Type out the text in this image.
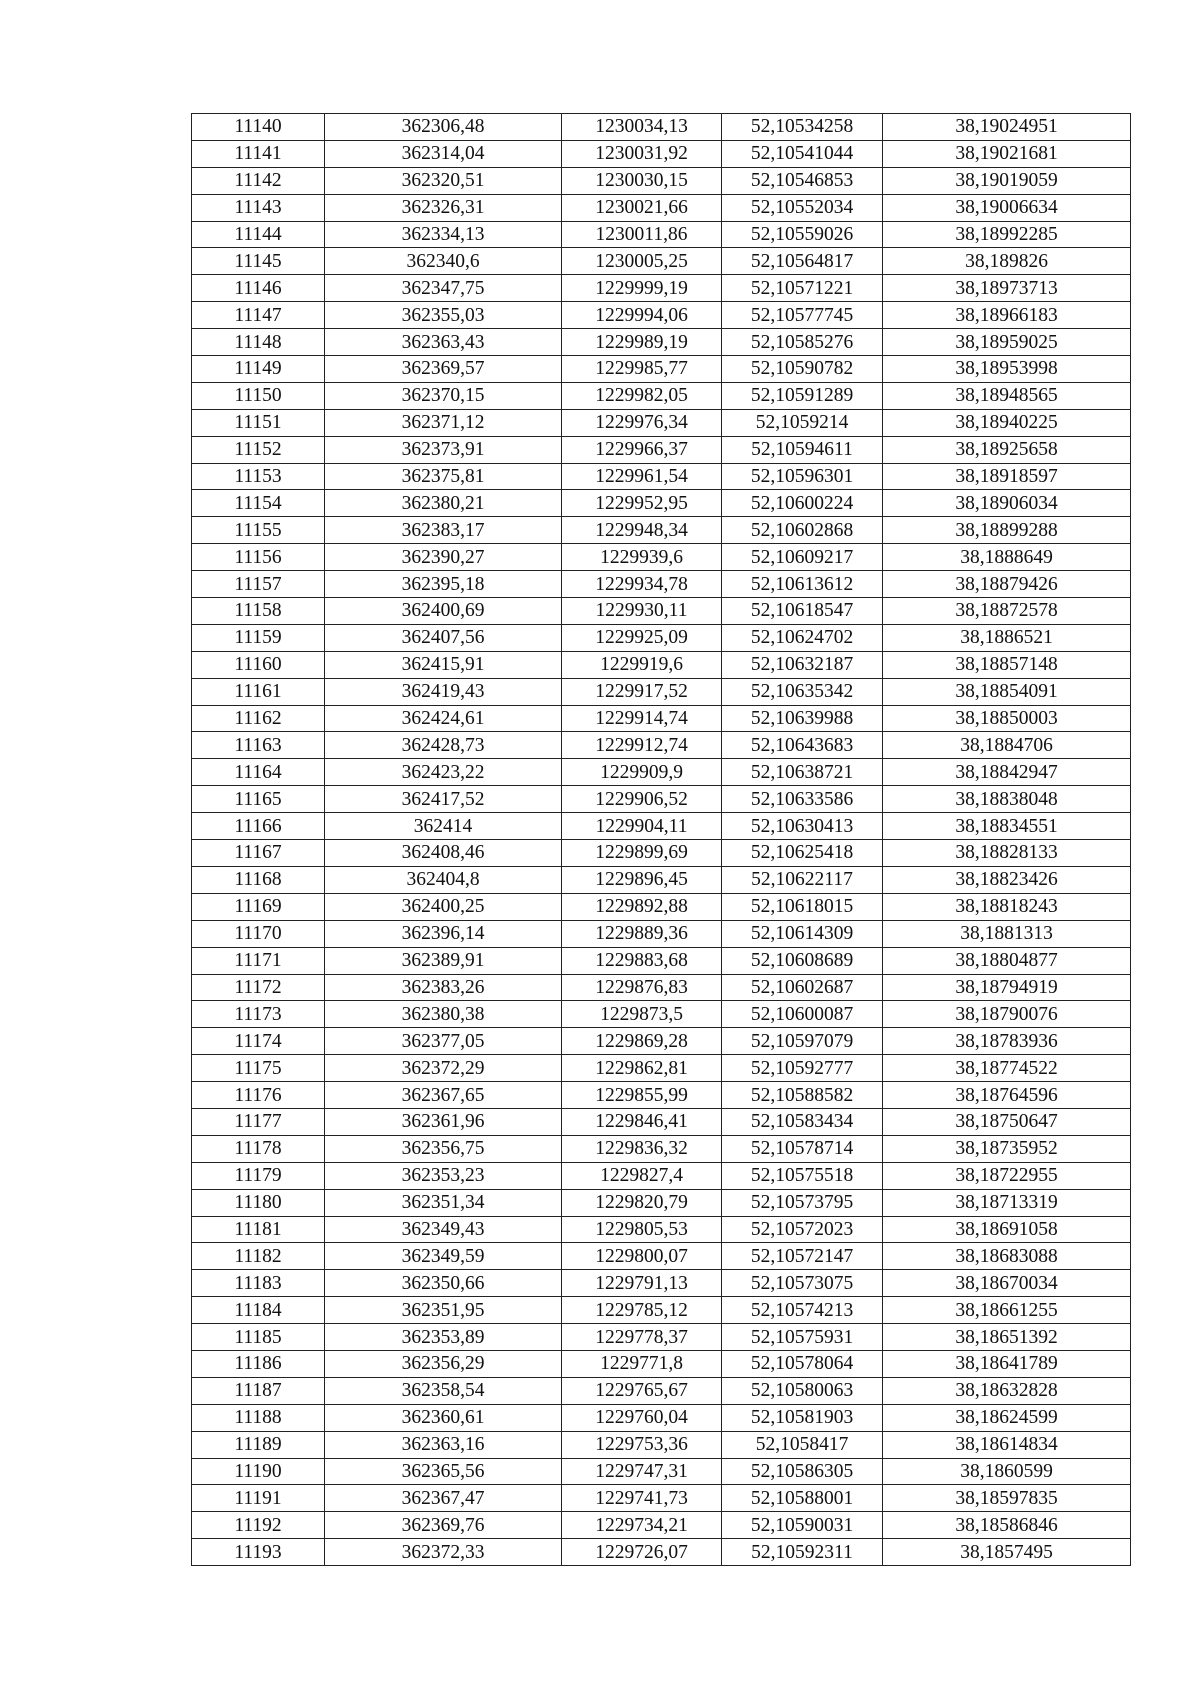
11140	362306,48	1230034,13	52,10534258	38,19024951
11141	362314,04	1230031,92	52,10541044	38,19021681
11142	362320,51	1230030,15	52,10546853	38,19019059
11143	362326,31	1230021,66	52,10552034	38,19006634
11144	362334,13	1230011,86	52,10559026	38,18992285
11145	362340,6	1230005,25	52,10564817	38,189826
11146	362347,75	1229999,19	52,10571221	38,18973713
11147	362355,03	1229994,06	52,10577745	38,18966183
11148	362363,43	1229989,19	52,10585276	38,18959025
11149	362369,57	1229985,77	52,10590782	38,18953998
11150	362370,15	1229982,05	52,10591289	38,18948565
11151	362371,12	1229976,34	52,1059214	38,18940225
11152	362373,91	1229966,37	52,10594611	38,18925658
11153	362375,81	1229961,54	52,10596301	38,18918597
11154	362380,21	1229952,95	52,10600224	38,18906034
11155	362383,17	1229948,34	52,10602868	38,18899288
11156	362390,27	1229939,6	52,10609217	38,1888649
11157	362395,18	1229934,78	52,10613612	38,18879426
11158	362400,69	1229930,11	52,10618547	38,18872578
11159	362407,56	1229925,09	52,10624702	38,1886521
11160	362415,91	1229919,6	52,10632187	38,18857148
11161	362419,43	1229917,52	52,10635342	38,18854091
11162	362424,61	1229914,74	52,10639988	38,18850003
11163	362428,73	1229912,74	52,10643683	38,1884706
11164	362423,22	1229909,9	52,10638721	38,18842947
11165	362417,52	1229906,52	52,10633586	38,18838048
11166	362414	1229904,11	52,10630413	38,18834551
11167	362408,46	1229899,69	52,10625418	38,18828133
11168	362404,8	1229896,45	52,10622117	38,18823426
11169	362400,25	1229892,88	52,10618015	38,18818243
11170	362396,14	1229889,36	52,10614309	38,1881313
11171	362389,91	1229883,68	52,10608689	38,18804877
11172	362383,26	1229876,83	52,10602687	38,18794919
11173	362380,38	1229873,5	52,10600087	38,18790076
11174	362377,05	1229869,28	52,10597079	38,18783936
11175	362372,29	1229862,81	52,10592777	38,18774522
11176	362367,65	1229855,99	52,10588582	38,18764596
11177	362361,96	1229846,41	52,10583434	38,18750647
11178	362356,75	1229836,32	52,10578714	38,18735952
11179	362353,23	1229827,4	52,10575518	38,18722955
11180	362351,34	1229820,79	52,10573795	38,18713319
11181	362349,43	1229805,53	52,10572023	38,18691058
11182	362349,59	1229800,07	52,10572147	38,18683088
11183	362350,66	1229791,13	52,10573075	38,18670034
11184	362351,95	1229785,12	52,10574213	38,18661255
11185	362353,89	1229778,37	52,10575931	38,18651392
11186	362356,29	1229771,8	52,10578064	38,18641789
11187	362358,54	1229765,67	52,10580063	38,18632828
11188	362360,61	1229760,04	52,10581903	38,18624599
11189	362363,16	1229753,36	52,1058417	38,18614834
11190	362365,56	1229747,31	52,10586305	38,1860599
11191	362367,47	1229741,73	52,10588001	38,18597835
11192	362369,76	1229734,21	52,10590031	38,18586846
11193	362372,33	1229726,07	52,10592311	38,1857495
